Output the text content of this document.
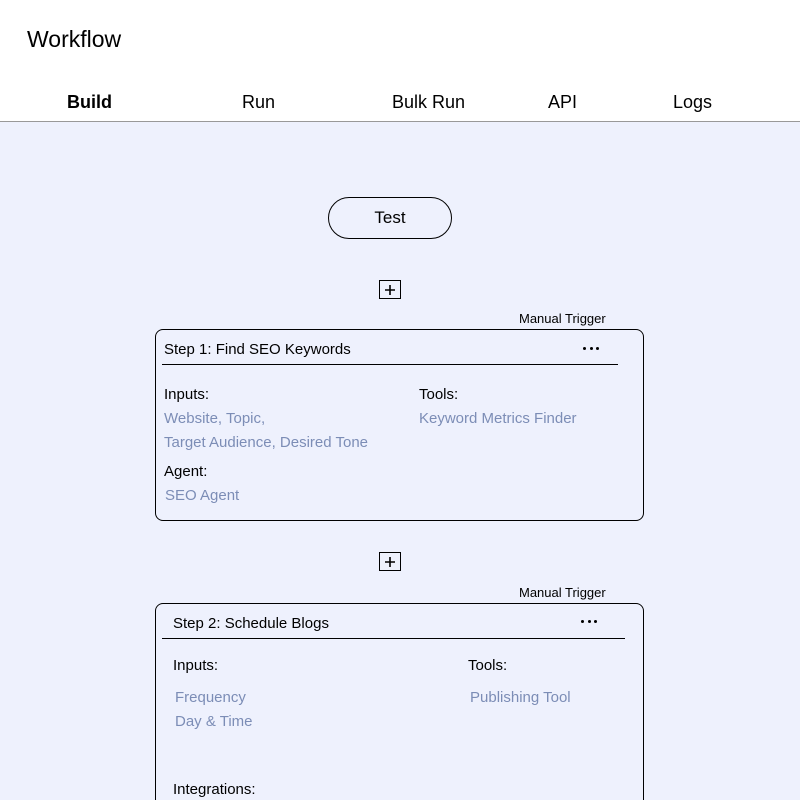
Workflow
Build	Run	Bulk Run	API	Logs
Test
Manual Trigger
Step 1: Find SEO Keywords
Inputs:
Website, Topic,
Target Audience, Desired Tone
Tools:
Keyword Metrics Finder
Agent:
SEO Agent
Manual Trigger
Step 2: Schedule Blogs
Inputs:
Frequency
Day & Time
Tools:
Publishing Tool
Integrations:
